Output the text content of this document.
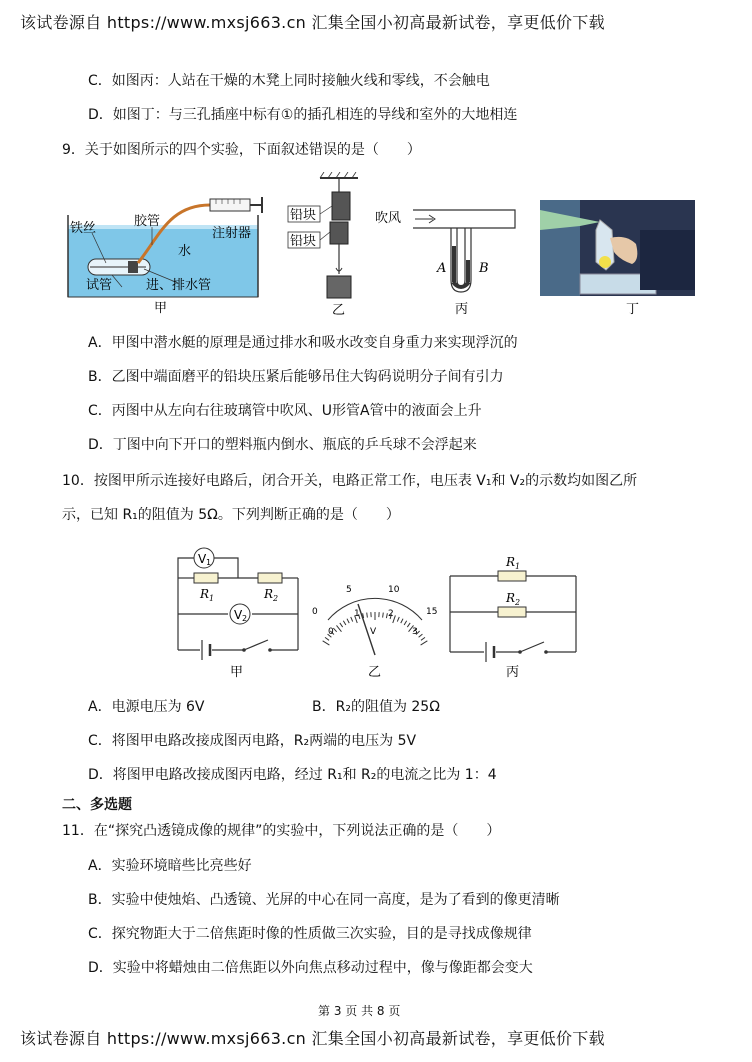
该试卷源自 https://www.mxsj663.cn 汇集全国小初高最新试卷，享更低价下载
C．如图丙：人站在干燥的木凳上同时接触火线和零线，不会触电
D．如图丁：与三孔插座中标有①的插孔相连的导线和室外的大地相连
9．关于如图所示的四个实验，下面叙述错误的是（　　）
铁丝	胶管
注射器
水
试管	进、排水管
甲
铅块
铅块
乙
吹风
A	B
丙	丁
A．甲图中潜水艇的原理是通过排水和吸水改变自身重力来实现浮沉的
B．乙图中端面磨平的铅块压紧后能够吊住大钩码说明分子间有引力
C．丙图中从左向右往玻璃管中吹风、U形管A管中的液面会上升
D．丁图中向下开口的塑料瓶内倒水、瓶底的乒乓球不会浮起来
10．按图甲所示连接好电路后，闭合开关，电路正常工作，电压表 V₁和 V₂的示数均如图乙所
示，已知 R₁的阻值为 5Ω。下列判断正确的是（　　）
V 1
V 2
R 1	R 2
甲
0
5	10
15
0
1	2
3
V
乙
R 1
R 2
丙
A．电源电压为 6V	B．R₂的阻值为 25Ω
C．将图甲电路改接成图丙电路，R₂两端的电压为 5V
D．将图甲电路改接成图丙电路，经过 R₁和 R₂的电流之比为 1：4
二、多选题
11．在“探究凸透镜成像的规律”的实验中，下列说法正确的是（　　）
A．实验环境暗些比亮些好
B．实验中使烛焰、凸透镜、光屏的中心在同一高度，是为了看到的像更清晰
C．探究物距大于二倍焦距时像的性质做三次实验，目的是寻找成像规律
D．实验中将蜡烛由二倍焦距以外向焦点移动过程中，像与像距都会变大
第 3 页 共 8 页
该试卷源自 https://www.mxsj663.cn 汇集全国小初高最新试卷，享更低价下载
